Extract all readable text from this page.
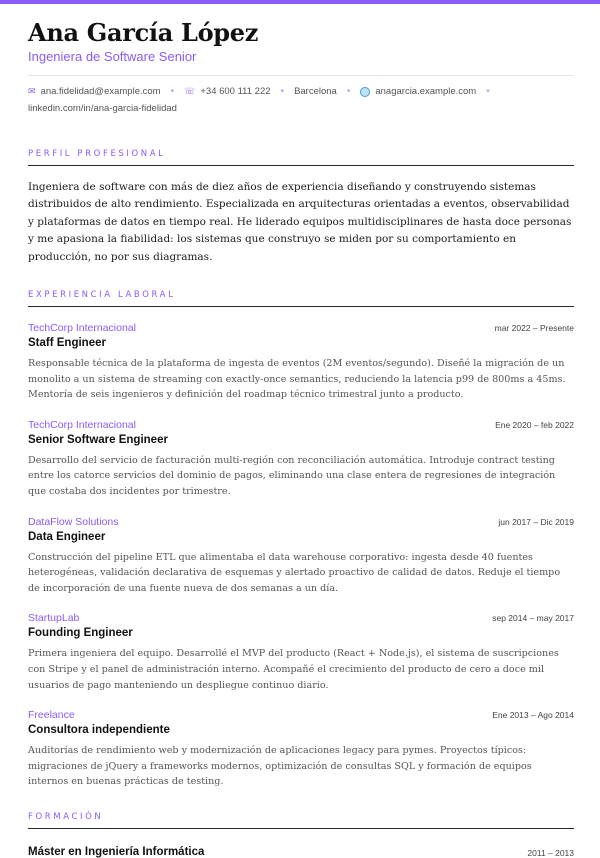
Ana García López
Ingeniera de Software Senior
✉ ana.fidelidad@example.com • ☏ +34 600 111 222 • Barcelona •	anagarcia.example.com •
linkedin.com/in/ana-garcia-fidelidad
PERFIL PROFESIONAL

Ingeniera de software con más de diez años de experiencia diseñando y construyendo sistemas distribuidos de alto rendimiento. Especializada en arquitecturas orientadas a eventos, observabilidad y plataformas de datos en tiempo real. He liderado equipos multidisciplinares de hasta doce personas y me apasiona la fiabilidad: los sistemas que construyo se miden por su comportamiento en producción, no por sus diagramas.

EXPERIENCIA LABORAL
TechCorp Internacional	mar 2022 – Presente
Staff Engineer

Responsable técnica de la plataforma de ingesta de eventos (2M eventos/segundo). Diseñé la migración de un monolito a un sistema de streaming con exactly-once semantics, reduciendo la latencia p99 de 800ms a 45ms. Mentoría de seis ingenieros y definición del roadmap técnico trimestral junto a producto.

TechCorp Internacional	Ene 2020 – feb 2022
Senior Software Engineer

Desarrollo del servicio de facturación multi-región con reconciliación automática. Introduje contract testing entre los catorce servicios del dominio de pagos, eliminando una clase entera de regresiones de integración que costaba dos incidentes por trimestre.

DataFlow Solutions	jun 2017 – Dic 2019
Data Engineer

Construcción del pipeline ETL que alimentaba el data warehouse corporativo: ingesta desde 40 fuentes heterogéneas, validación declarativa de esquemas y alertado proactivo de calidad de datos. Reduje el tiempo de incorporación de una fuente nueva de dos semanas a un día.

StartupLab	sep 2014 – may 2017
Founding Engineer

Primera ingeniera del equipo. Desarrollé el MVP del producto (React + Node.js), el sistema de suscripciones con Stripe y el panel de administración interno. Acompañé el crecimiento del producto de cero a doce mil usuarios de pago manteniendo un despliegue continuo diario.

Freelance	Ene 2013 – Ago 2014
Consultora independiente

Auditorías de rendimiento web y modernización de aplicaciones legacy para pymes. Proyectos típicos: migraciones de jQuery a frameworks modernos, optimización de consultas SQL y formación de equipos internos en buenas prácticas de testing.

FORMACIÓN
Máster en Ingeniería Informática	2011 – 2013
